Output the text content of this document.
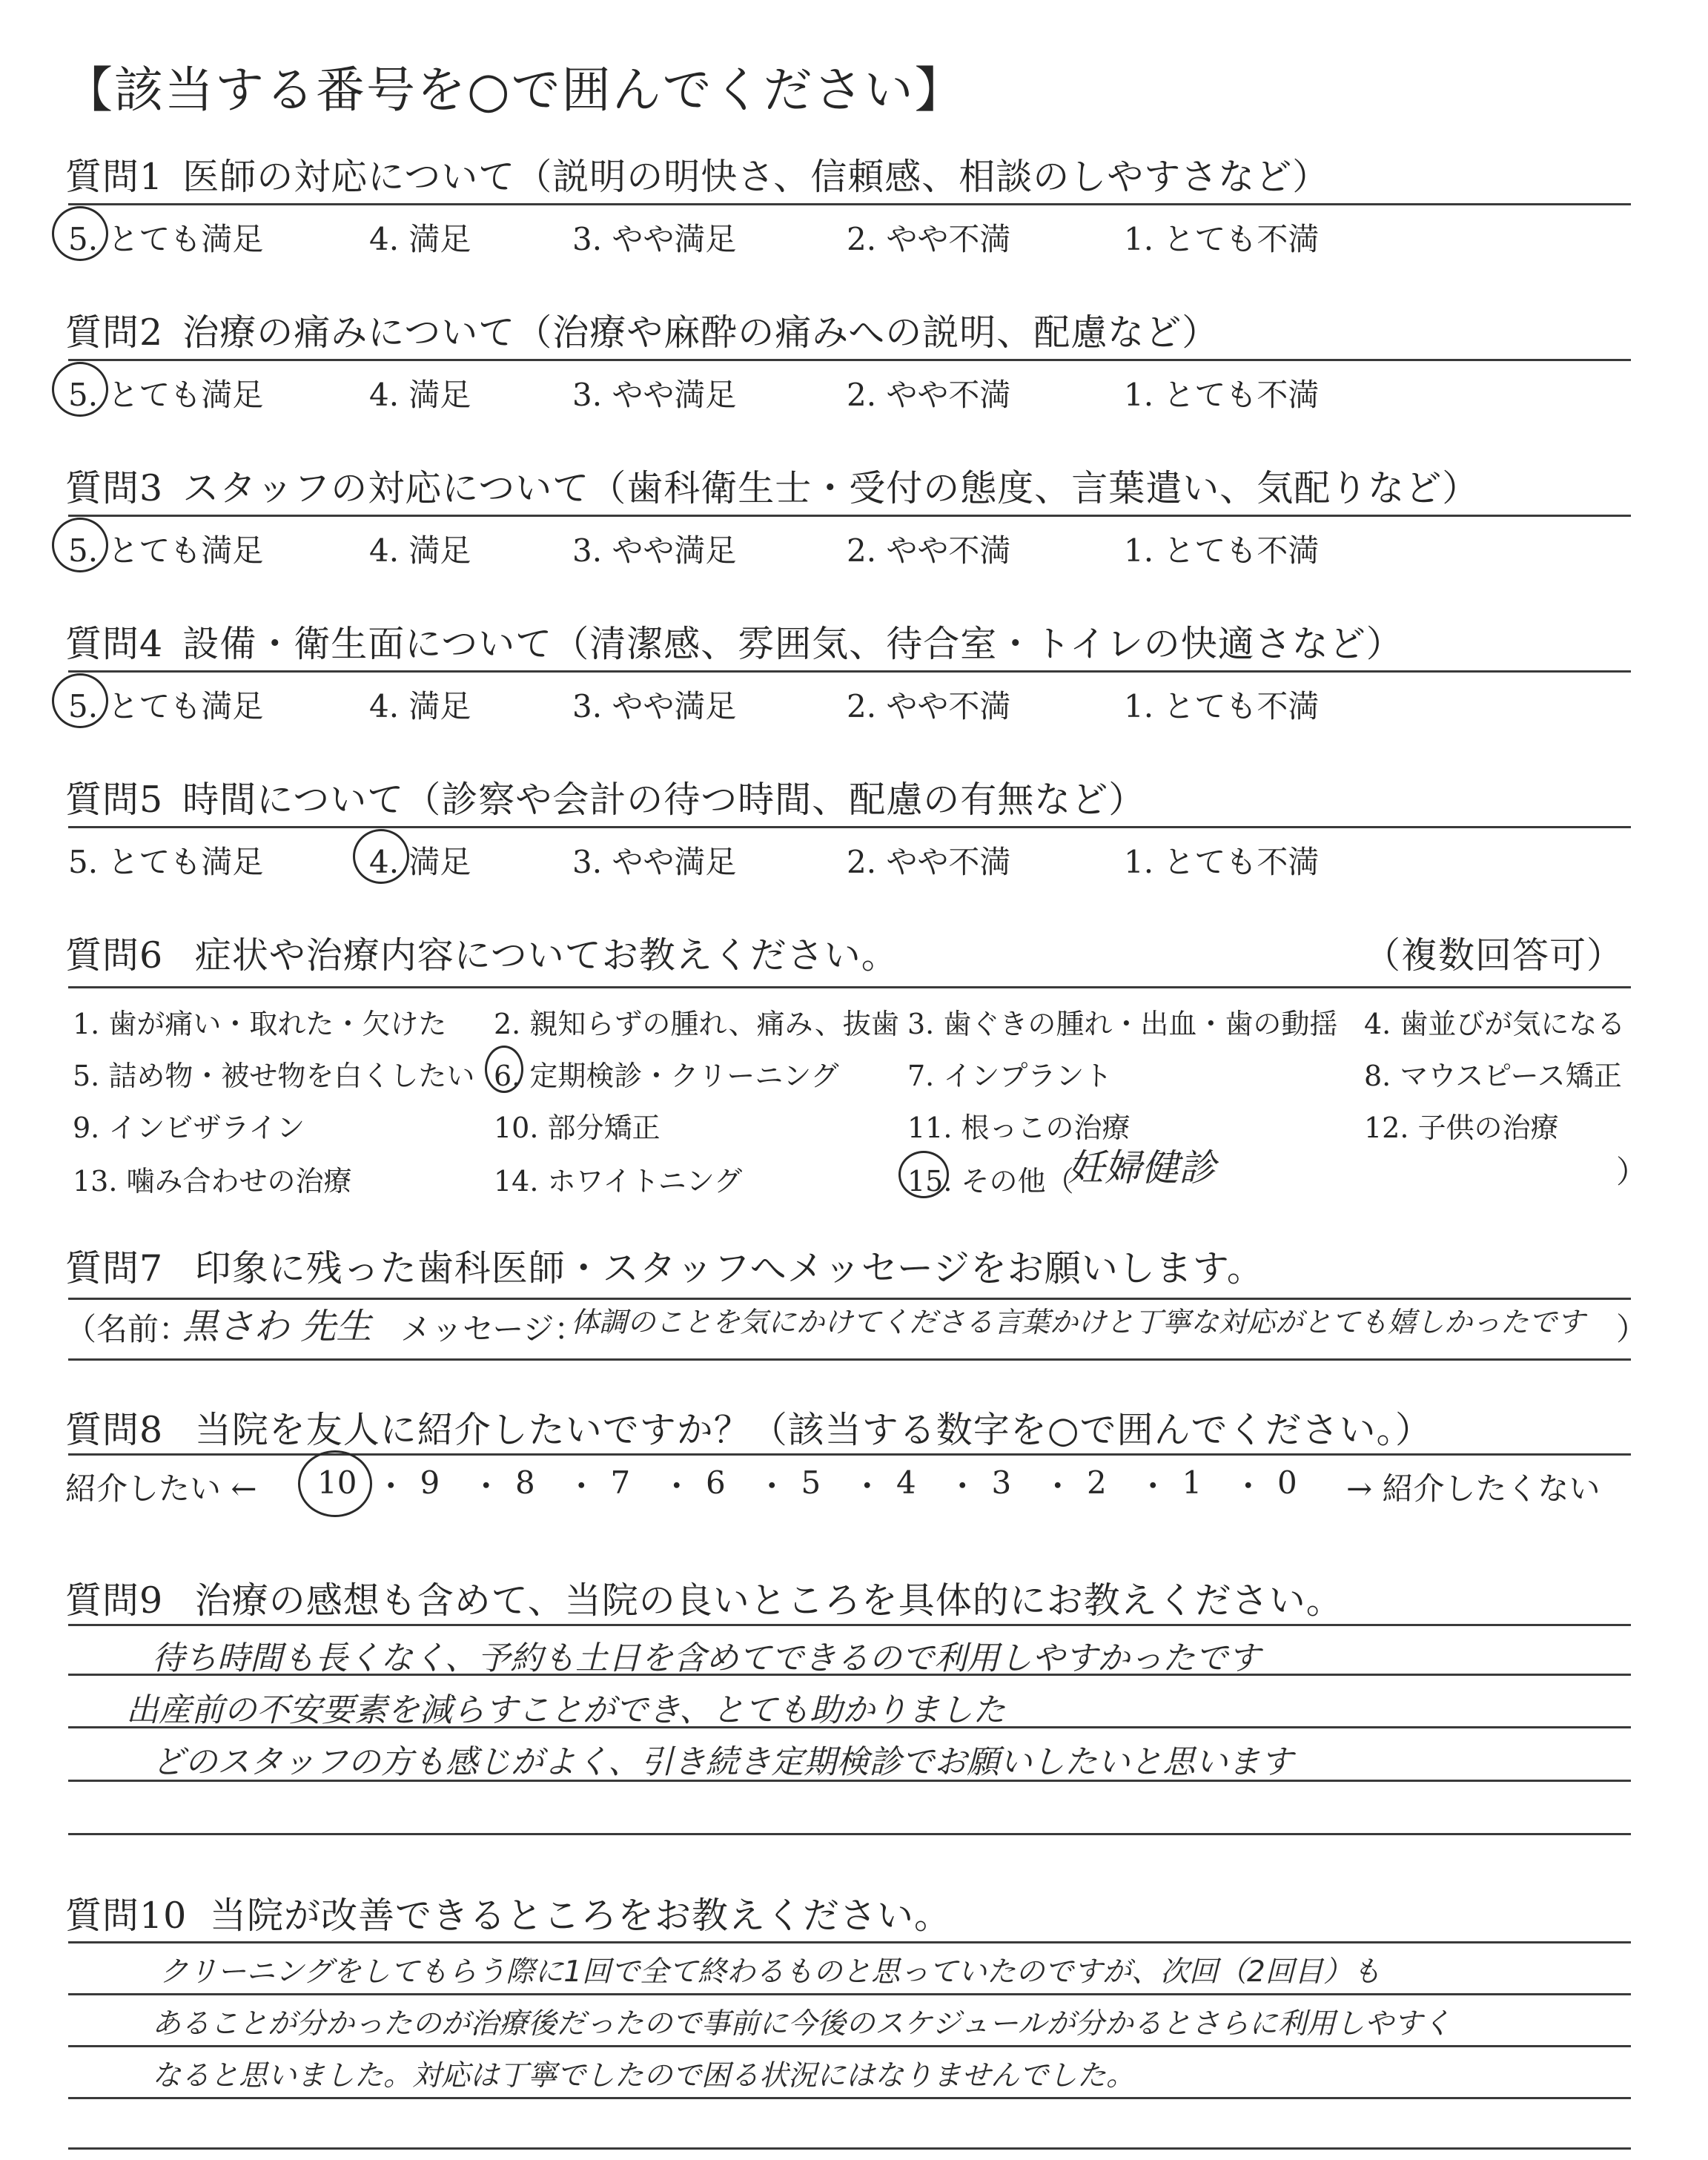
【該当する番号を○で囲んでください】
質問1 医師の対応について（説明の明快さ、信頼感、相談のしやすさなど）
5. とても満足	4. 満足	3. やや満足	2. やや不満	1. とても不満
質問2 治療の痛みについて（治療や麻酔の痛みへの説明、配慮など）
5. とても満足	4. 満足	3. やや満足	2. やや不満	1. とても不満
質問3 スタッフの対応について（歯科衛生士・受付の態度、言葉遣い、気配りなど）
5. とても満足	4. 満足	3. やや満足	2. やや不満	1. とても不満
質問4 設備・衛生面について（清潔感、雰囲気、待合室・トイレの快適さなど）
5. とても満足	4. 満足	3. やや満足	2. やや不満	1. とても不満
質問5 時間について（診察や会計の待つ時間、配慮の有無など）
5. とても満足	4. 満足	3. やや満足	2. やや不満	1. とても不満
質問6 症状や治療内容についてお教えください。	（複数回答可）
1. 歯が痛い・取れた・欠けた 2. 親知らずの腫れ、痛み、抜歯 3. 歯ぐきの腫れ・出血・歯の動揺 4. 歯並びが気になる
5. 詰め物・被せ物を白くしたい 6. 定期検診・クリーニング 7. インプラント	8. マウスピース矯正
9. インビザライン	10. 部分矯正	11. 根っこの治療	12. 子供の治療
13. 噛み合わせの治療	14. ホワイトニング	15. その他（
妊婦健診	）
質問7 印象に残った歯科医師・スタッフへメッセージをお願いします。
（名前：
黒さわ 先生 メッセージ：
体調のことを気にかけてくださる言葉かけと丁寧な対応がとても嬉しかったです ）
質問8 当院を友人に紹介したいですか？（該当する数字を○で囲んでください。）
紹介したい ← 10 ・ 9 ・ 8 ・ 7 ・ 6 ・ 5 ・ 4 ・ 3 ・ 2 ・ 1 ・ 0 → 紹介したくない
質問9 治療の感想も含めて、当院の良いところを具体的にお教えください。
待ち時間も長くなく、予約も土日を含めてできるので利用しやすかったです
出産前の不安要素を減らすことができ、とても助かりました
どのスタッフの方も感じがよく、引き続き定期検診でお願いしたいと思います
質問10 当院が改善できるところをお教えください。
クリーニングをしてもらう際に1回で全て終わるものと思っていたのですが、次回（2回目）も
あることが分かったのが治療後だったので事前に今後のスケジュールが分かるとさらに利用しやすく
なると思いました。対応は丁寧でしたので困る状況にはなりませんでした。
